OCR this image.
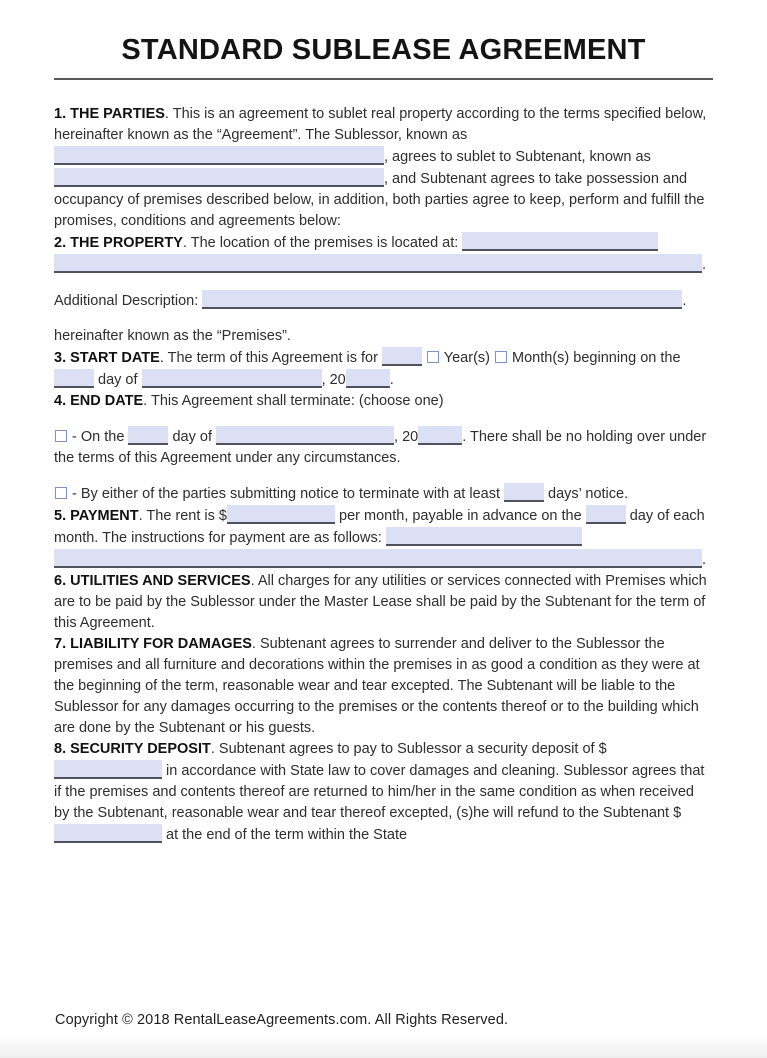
STANDARD SUBLEASE AGREEMENT

1. THE PARTIES. This is an agreement to sublet real property according to the terms specified below, hereinafter known as the “Agreement”. The Sublessor, known as , agrees to sublet to Subtenant, known as , and Subtenant agrees to take possession and occupancy of premises described below, in addition, both parties agree to keep, perform and fulfill the promises, conditions and agreements below:

2. THE PROPERTY. The location of the premises is located at:  .

Additional Description:	.

hereinafter known as the “Premises”.

3. START DATE. The term of this Agreement is for	Year(s)  Month(s) beginning on the  day of	, 20	.

4. END DATE. This Agreement shall terminate: (choose one)

- On the	day of	, 20	. There shall be no holding over under the terms of this Agreement under any circumstances.

- By either of the parties submitting notice to terminate with at least	days’ notice.

5. PAYMENT. The rent is $	per month, payable in advance on the	day of each month. The instructions for payment are as follows:  .

6. UTILITIES AND SERVICES. All charges for any utilities or services connected with Premises which are to be paid by the Sublessor under the Master Lease shall be paid by the Subtenant for the term of this Agreement.

7. LIABILITY FOR DAMAGES. Subtenant agrees to surrender and deliver to the Sublessor the premises and all furniture and decorations within the premises in as good a condition as they were at the beginning of the term, reasonable wear and tear excepted. The Subtenant will be liable to the Sublessor for any damages occurring to the premises or the contents thereof or to the building which are done by the Subtenant or his guests.

8. SECURITY DEPOSIT. Subtenant agrees to pay to Sublessor a security deposit of $ in accordance with State law to cover damages and cleaning. Sublessor agrees that if the premises and contents thereof are returned to him/her in the same condition as when received by the Subtenant, reasonable wear and tear thereof excepted, (s)he will refund to the Subtenant $ at the end of the term within the State

Copyright © 2018 RentalLeaseAgreements.com. All Rights Reserved.
